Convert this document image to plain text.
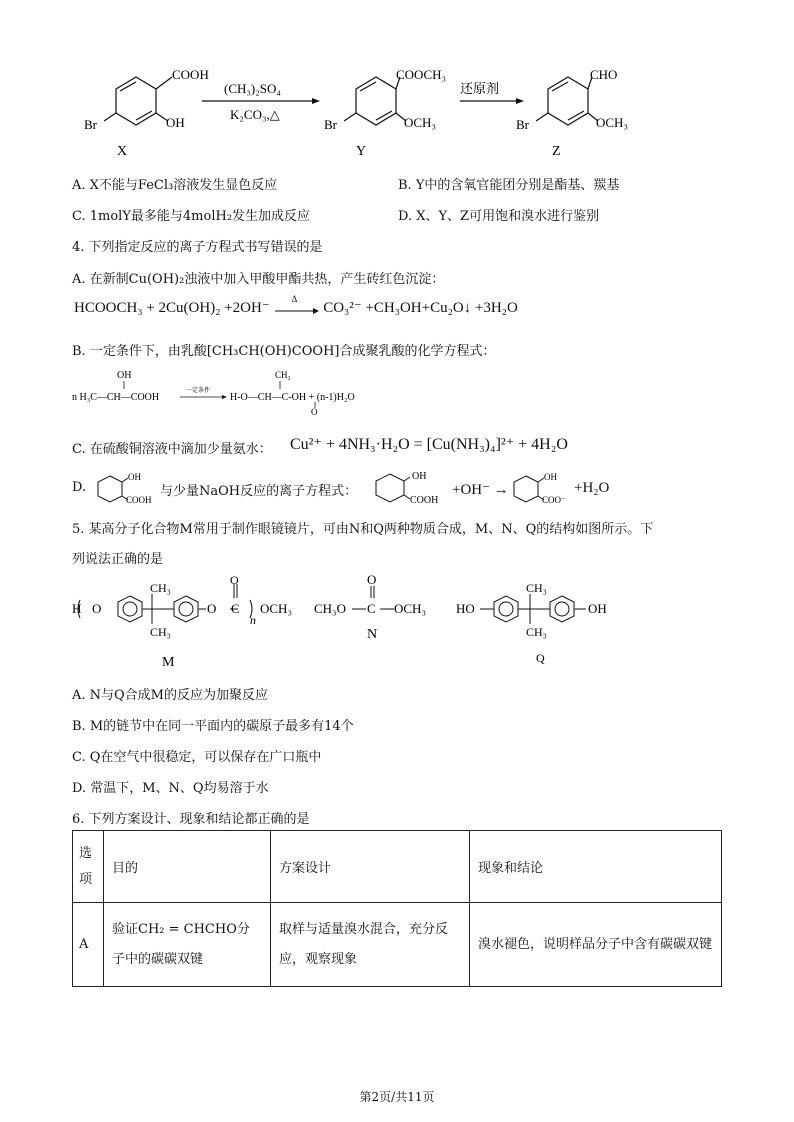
COOH
Br	OH
X
(CH₃)₂SO₄
K₂CO₃,△
COOCH₃
Br	OCH₃
Y
还原剂
CHO
Br	OCH₃
Z
A. X不能与FeCl₃溶液发生显色反应	B. Y中的含氧官能团分别是酯基、羰基
C. 1molY最多能与4molH₂发生加成反应	D. X、Y、Z可用饱和溴水进行鉴别
4. 下列指定反应的离子方程式书写错误的是
A. 在新制Cu(OH)₂浊液中加入甲酸甲酯共热，产生砖红色沉淀：
HCOOCH₃ + 2Cu(OH)₂ +2OH⁻
Δ
CO₃²⁻ +CH₃OH+Cu₂O↓ +3H₂O
B. 一定条件下，由乳酸[CH₃CH(OH)COOH]合成聚乳酸的化学方程式：
OH
n H₃C—CH—COOH
一定条件
CH₃
H‐O—CH—C‑OH + (n-1)H₂O
O
C. 在硫酸铜溶液中滴加少量氨水： Cu²⁺ + 4NH₃·H₂O = [Cu(NH₃)₄]²⁺ + 4H₂O
D.
OH
COOH
与少量NaOH反应的离子方程式：
OH
COOH
+OH⁻ →
OH
COO⁻
+H₂O
5. 某高分子化合物M常用于制作眼镜镜片，可由N和Q两种物质合成，M、N、Q的结构如图所示。下
列说法正确的是
H O
CH₃
CH₃
O
O
C
n
OCH₃
M
CH₃O
O
C OCH₃
N
HO
CH₃
CH₃
OH
Q
A. N与Q合成M的反应为加聚反应
B. M的链节中在同一平面内的碳原子最多有14个
C. Q在空气中很稳定，可以保存在广口瓶中
D. 常温下，M、N、Q均易溶于水
6. 下列方案设计、现象和结论都正确的是
选项	目的	方案设计	现象和结论
A	验证CH₂ = CHCHO分子中的碳碳双键	取样与适量溴水混合，充分反应，观察现象	溴水褪色，说明样品分子中含有碳碳双键
第2页/共11页
